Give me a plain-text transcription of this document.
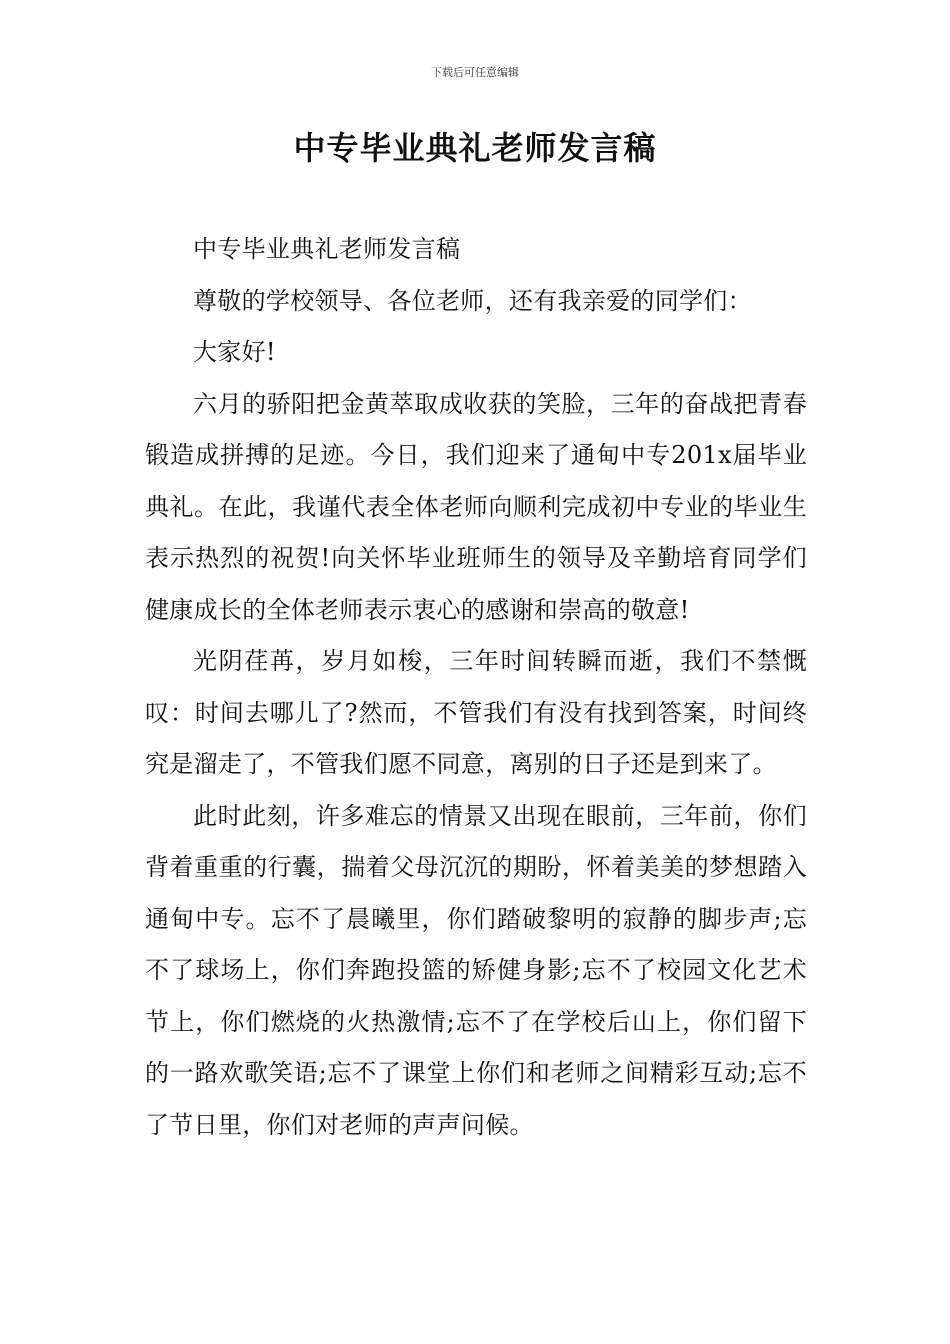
下载后可任意编辑
中专毕业典礼老师发言稿

中专毕业典礼老师发言稿

尊敬的学校领导、各位老师，还有我亲爱的同学们：

大家好!

六月的骄阳把金黄萃取成收获的笑脸，三年的奋战把青春锻造成拼搏的足迹。今日，我们迎来了通甸中专201x届毕业典礼。在此，我谨代表全体老师向顺利完成初中专业的毕业生表示热烈的祝贺!向关怀毕业班师生的领导及辛勤培育同学们健康成长的全体老师表示衷心的感谢和崇高的敬意!

光阴荏苒，岁月如梭，三年时间转瞬而逝，我们不禁慨叹：时间去哪儿了?然而，不管我们有没有找到答案，时间终究是溜走了，不管我们愿不同意，离别的日子还是到来了。

此时此刻，许多难忘的情景又出现在眼前，三年前，你们背着重重的行囊，揣着父母沉沉的期盼，怀着美美的梦想踏入通甸中专。忘不了晨曦里，你们踏破黎明的寂静的脚步声;忘不了球场上，你们奔跑投篮的矫健身影;忘不了校园文化艺术节上，你们燃烧的火热激情;忘不了在学校后山上，你们留下的一路欢歌笑语;忘不了课堂上你们和老师之间精彩互动;忘不了节日里，你们对老师的声声问候。
